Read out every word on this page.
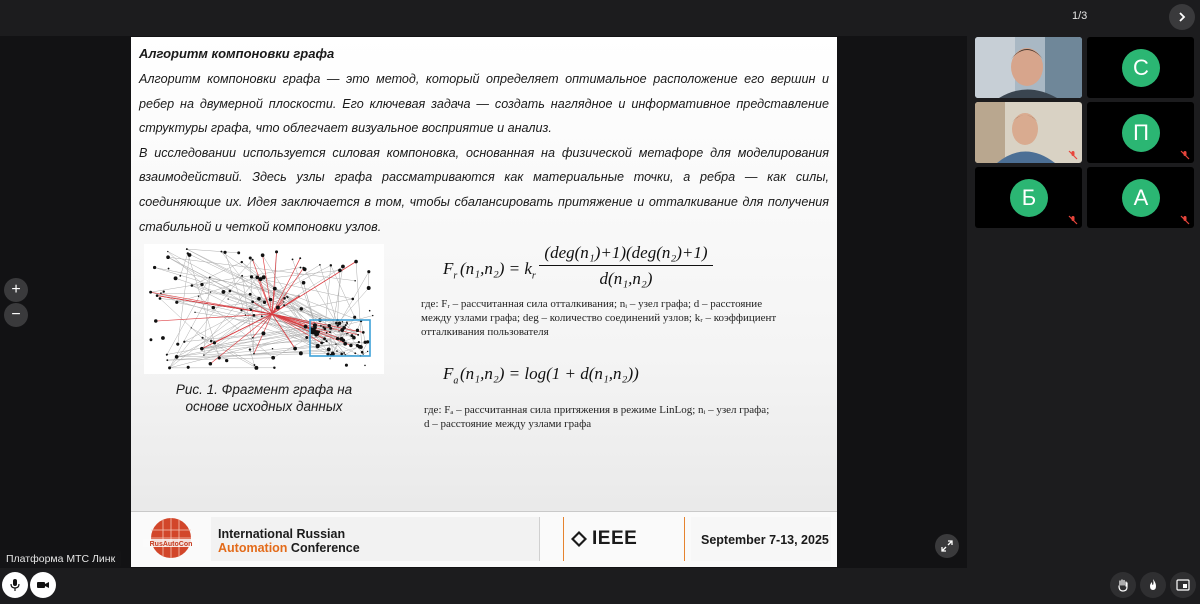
1/3
+
−
Алгоритм компоновки графа

Алгоритм компоновки графа — это метод, который определяет оптимальное расположение его вершин и ребер на двумерной плоскости. Его ключевая задача — создать наглядное и информативное представление структуры графа, что облегчает визуальное восприятие и анализ.

В исследовании используется силовая компоновка, основанная на физической метафоре для моделирования взаимодействий. Здесь узлы графа рассматриваются как материальные точки, а ребра — как силы, соединяющие их. Идея заключается в том, чтобы сбалансировать притяжение и отталкивание для получения стабильной и четкой компоновки узлов.

Рис. 1. Фрагмент графа на
основе исходных данных
$F_r$ $(n_1,n_2) = k_r$
(deg(n₁)+1)(deg(n₂)+1)
d(n₁,n₂)
где: Fᵣ – рассчитанная сила отталкивания; nᵢ – узел графа; d – расстояние
между узлами графа; deg – количество соединений узлов; kᵣ – коэффициент
отталкивания пользователя
$F_a$ (n₁,n₂) = log(1 + d(n₁,n₂))
где: Fₐ – рассчитанная сила притяжения в режиме LinLog; nᵢ – узел графа;
d – расстояние между узлами графа
RusAutoCon
International Russian
Automation Conference	IEEE	September 7-13, 2025
С
П
Б	А
Платформа МТС Линк
